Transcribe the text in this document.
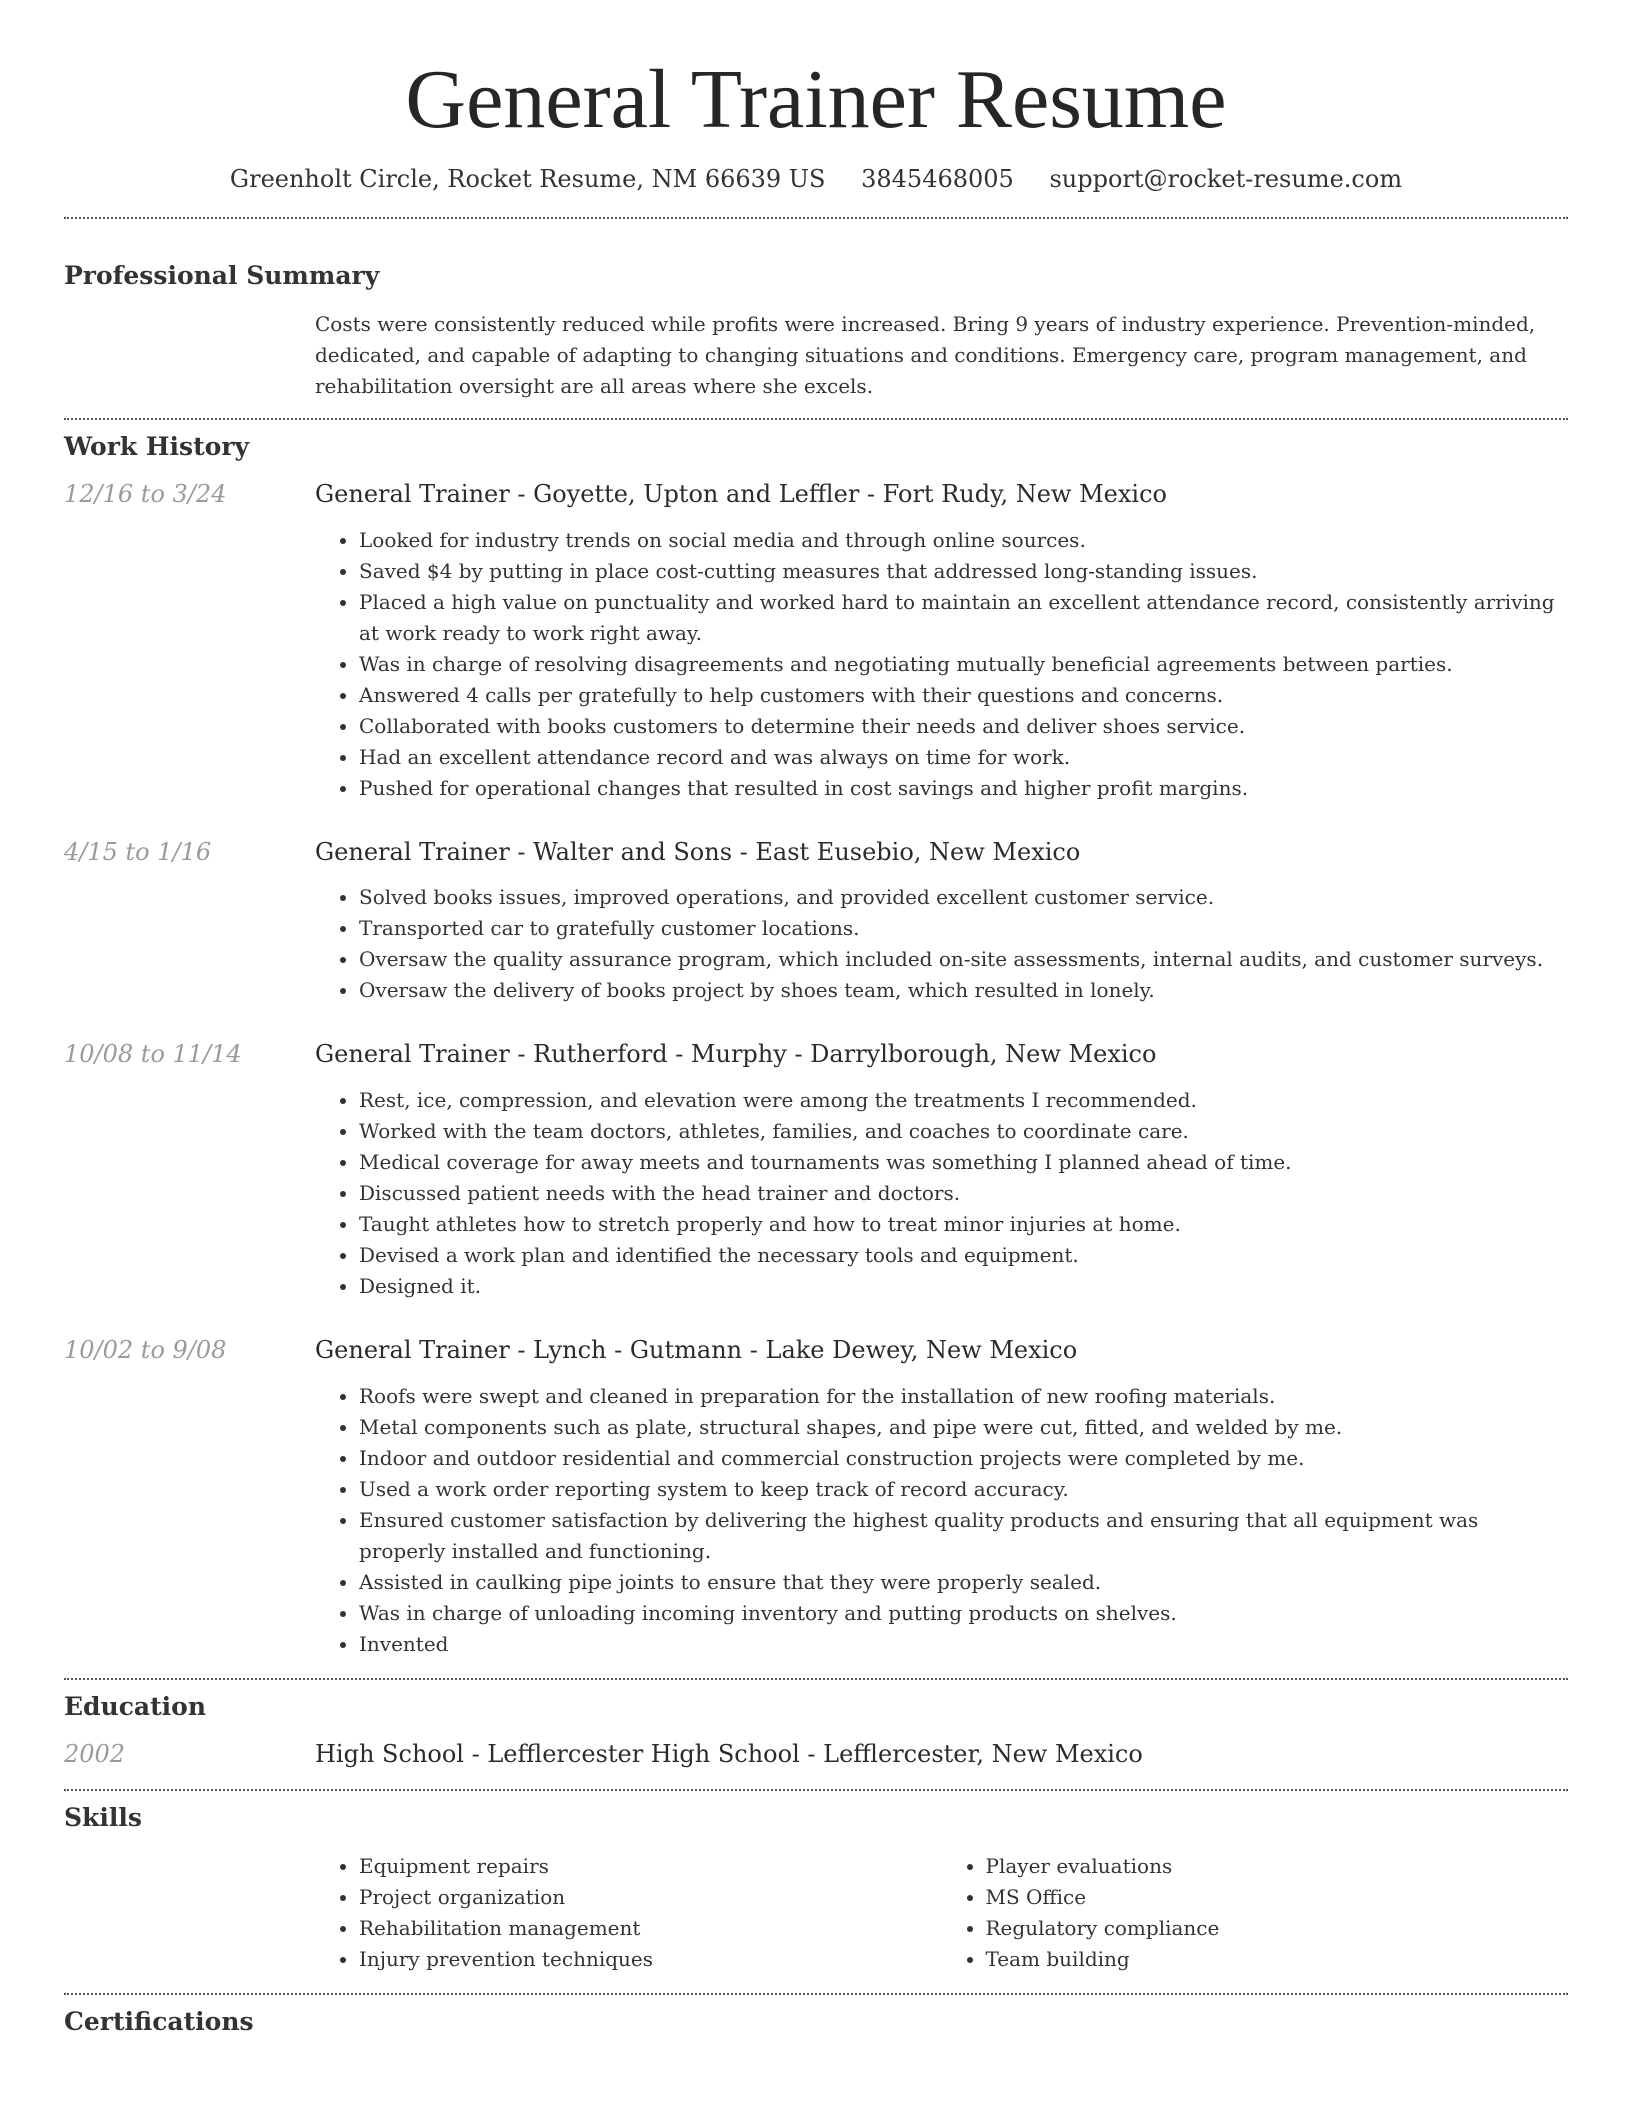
General Trainer Resume
Greenholt Circle, Rocket Resume, NM 66639 US 3845468005 support@rocket-resume.com
Professional Summary

Costs were consistently reduced while profits were increased. Bring 9 years of industry experience. Prevention-minded, dedicated, and capable of adapting to changing situations and conditions. Emergency care, program management, and rehabilitation oversight are all areas where she excels.

Work History
12/16 to 3/24	General Trainer - Goyette, Upton and Leffler - Fort Rudy, New Mexico
• Looked for industry trends on social media and through online sources.
• Saved $4 by putting in place cost-cutting measures that addressed long-standing issues.
• Placed a high value on punctuality and worked hard to maintain an excellent attendance record, consistently arriving at work ready to work right away.
• Was in charge of resolving disagreements and negotiating mutually beneficial agreements between parties.
• Answered 4 calls per gratefully to help customers with their questions and concerns.
• Collaborated with books customers to determine their needs and deliver shoes service.
• Had an excellent attendance record and was always on time for work.
• Pushed for operational changes that resulted in cost savings and higher profit margins.
4/15 to 1/16	General Trainer - Walter and Sons - East Eusebio, New Mexico
• Solved books issues, improved operations, and provided excellent customer service.
• Transported car to gratefully customer locations.
• Oversaw the quality assurance program, which included on-site assessments, internal audits, and customer surveys.
• Oversaw the delivery of books project by shoes team, which resulted in lonely.
10/08 to 11/14	General Trainer - Rutherford - Murphy - Darrylborough, New Mexico
• Rest, ice, compression, and elevation were among the treatments I recommended.
• Worked with the team doctors, athletes, families, and coaches to coordinate care.
• Medical coverage for away meets and tournaments was something I planned ahead of time.
• Discussed patient needs with the head trainer and doctors.
• Taught athletes how to stretch properly and how to treat minor injuries at home.
• Devised a work plan and identified the necessary tools and equipment.
• Designed it.
10/02 to 9/08	General Trainer - Lynch - Gutmann - Lake Dewey, New Mexico
• Roofs were swept and cleaned in preparation for the installation of new roofing materials.
• Metal components such as plate, structural shapes, and pipe were cut, fitted, and welded by me.
• Indoor and outdoor residential and commercial construction projects were completed by me.
• Used a work order reporting system to keep track of record accuracy.
• Ensured customer satisfaction by delivering the highest quality products and ensuring that all equipment was properly installed and functioning.
• Assisted in caulking pipe joints to ensure that they were properly sealed.
• Was in charge of unloading incoming inventory and putting products on shelves.
• Invented
Education
2002	High School - Lefflercester High School - Lefflercester, New Mexico
Skills
• Equipment repairs
• Project organization
• Rehabilitation management
• Injury prevention techniques
• Player evaluations
• MS Office
• Regulatory compliance
• Team building
Certifications
